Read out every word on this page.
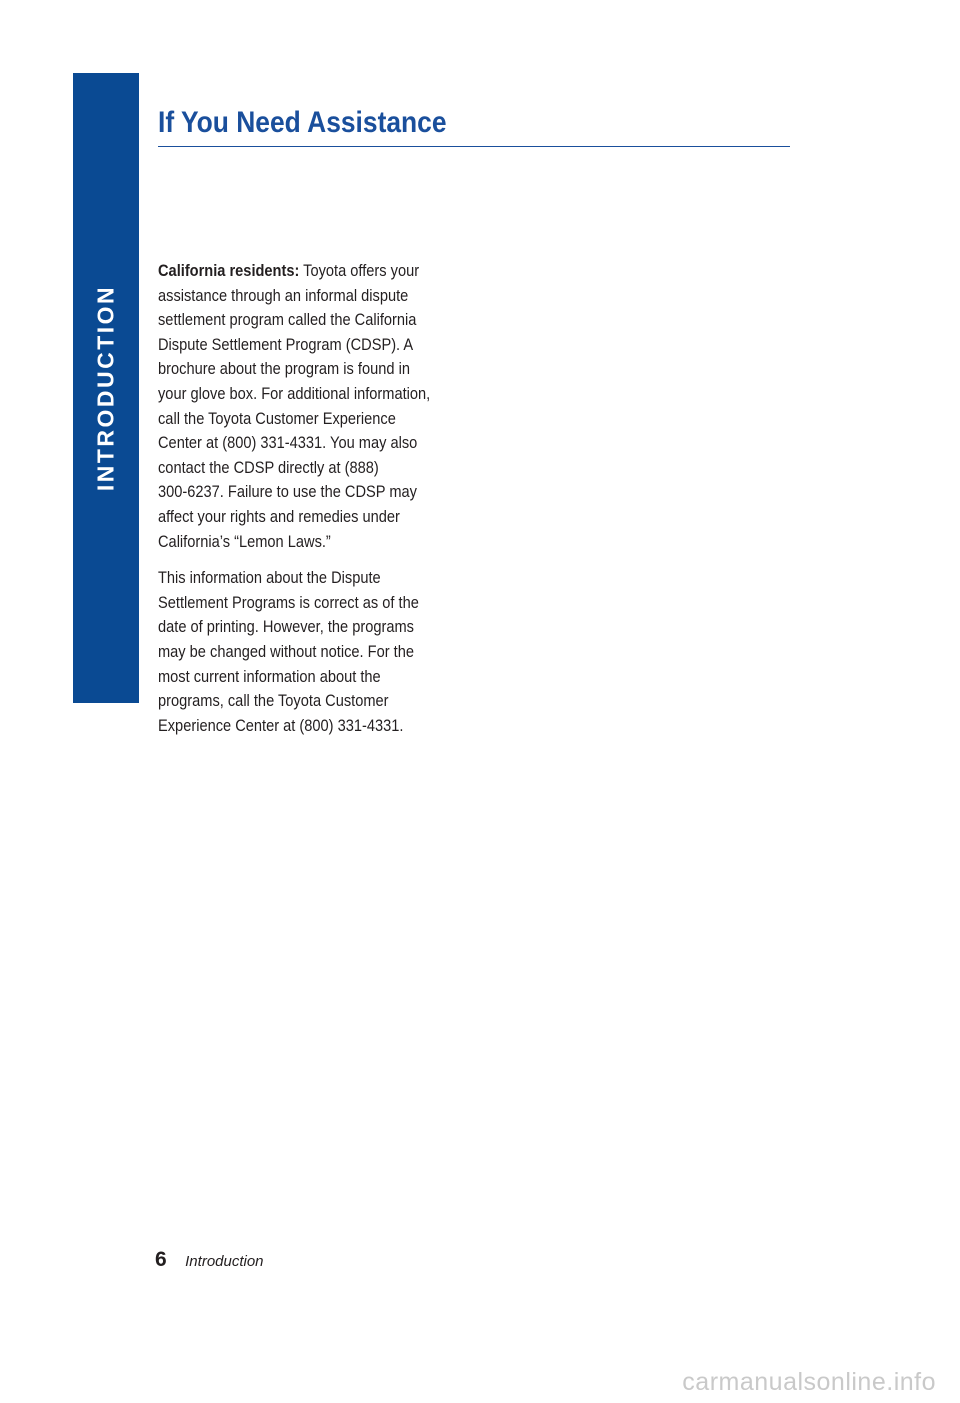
INTRODUCTION
If You Need Assistance

California residents: Toyota offers your
assistance through an informal dispute
settlement program called the California
Dispute Settlement Program (CDSP). A
brochure about the program is found in
your glove box. For additional information,
call the Toyota Customer Experience
Center at (800) 331-4331. You may also
contact the CDSP directly at (888)
300-6237. Failure to use the CDSP may
affect your rights and remedies under
California’s “Lemon Laws.”

This information about the Dispute
Settlement Programs is correct as of the
date of printing. However, the programs
may be changed without notice. For the
most current information about the
programs, call the Toyota Customer
Experience Center at (800) 331-4331.

6 Introduction
carmanualsonline.info
